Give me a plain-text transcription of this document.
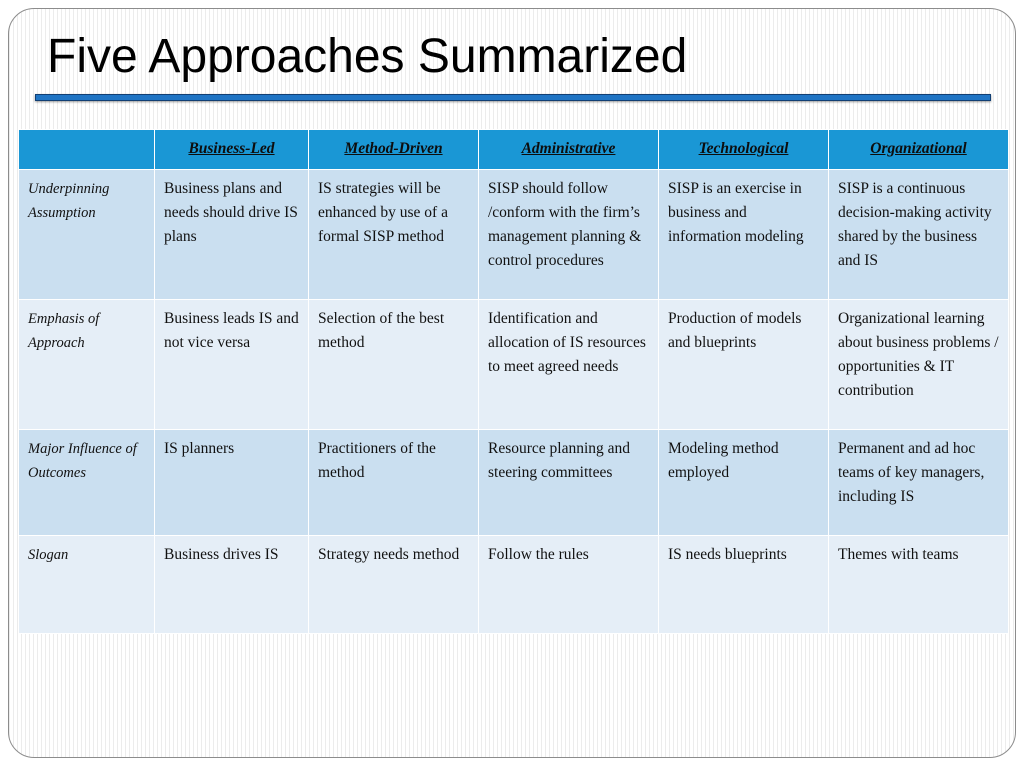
Five Approaches Summarized
	Business-Led	Method-Driven	Administrative	Technological	Organizational
Underpinning Assumption	Business plans and needs should drive IS plans	IS strategies will be enhanced by use of a formal SISP method	SISP should follow /conform with the firm’s management planning & control procedures	SISP is an exercise in business and information modeling	SISP is a continuous decision-making activity shared by the business and IS
Emphasis of Approach	Business leads IS and not vice versa	Selection of the best method	Identification and allocation of IS resources to meet agreed needs	Production of models and blueprints	Organizational learning about business problems / opportunities & IT contribution
Major Influence of Outcomes	IS planners	Practitioners of the method	Resource planning and steering committees	Modeling method employed	Permanent and ad hoc teams of key managers, including IS
Slogan	Business drives IS	Strategy needs method	Follow the rules	IS needs blueprints	Themes with teams
